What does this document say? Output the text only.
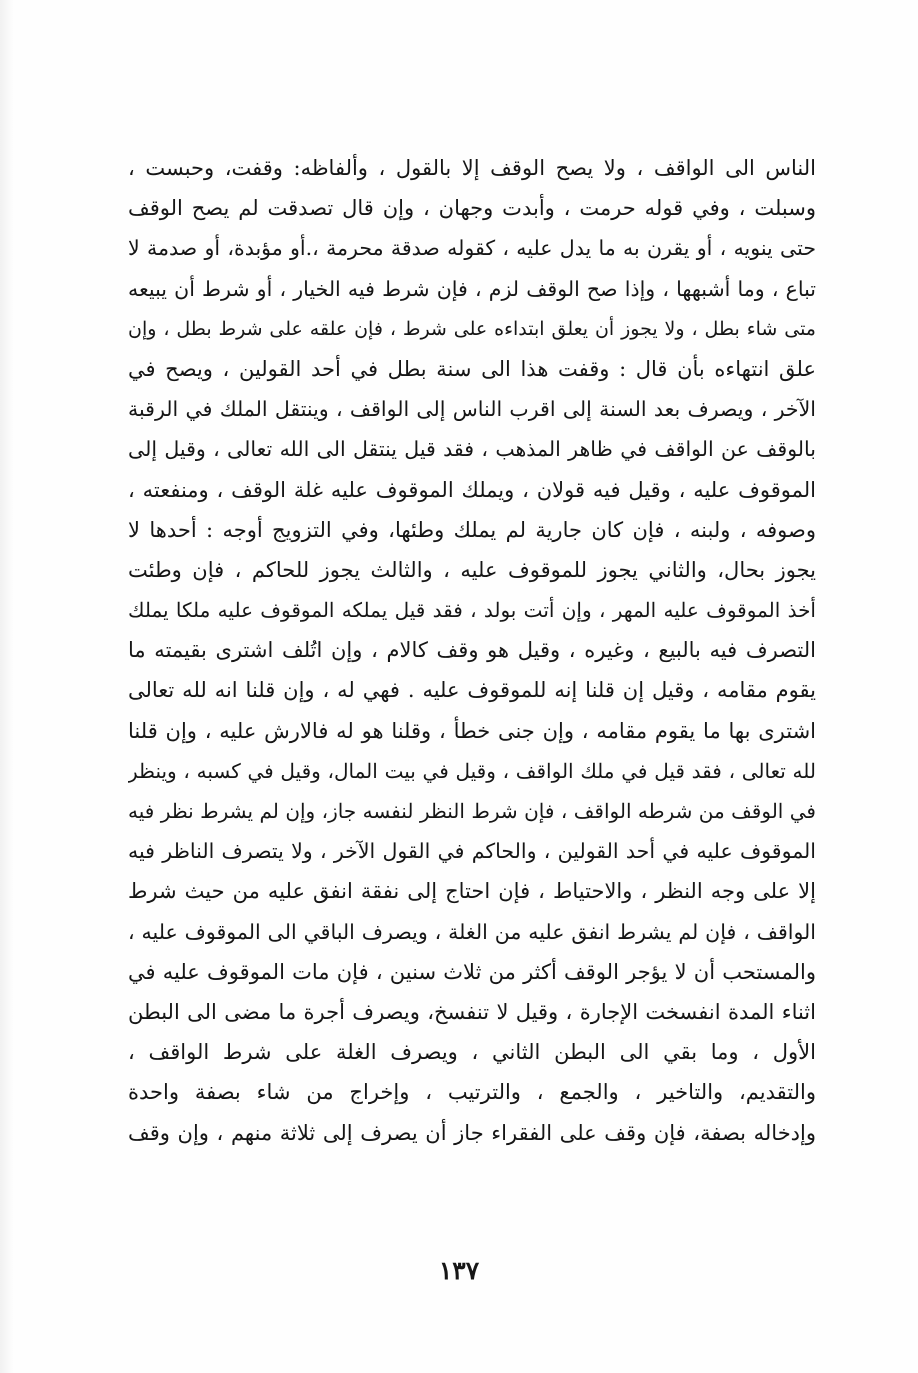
الناس الى الواقف ، ولا يصح الوقف إلا بالقول ، وألفاظه: وقفت، وحبست ،
وسبلت ، وفي قوله حرمت ، وأبدت وجهان ، وإن قال تصدقت لم يصح الوقف
حتى ينويه ، أو يقرن به ما يدل عليه ، كقوله صدقة محرمة ،.أو مؤبدة، أو صدمة لا
تباع ، وما أشبهها ، وإذا صح الوقف لزم ، فإن شرط فيه الخيار ، أو شرط أن يبيعه
متى شاء بطل ، ولا يجوز أن يعلق ابتداءه على شرط ، فإن علقه على شرط بطل ، وإن
علق انتهاءه بأن قال : وقفت هذا الى سنة بطل في أحد القولين ، ويصح في
الآخر ، ويصرف بعد السنة إلى اقرب الناس إلى الواقف ، وينتقل الملك في الرقبة
بالوقف عن الواقف في ظاهر المذهب ، فقد قيل ينتقل الى الله تعالى ، وقيل إلى
الموقوف عليه ، وقيل فيه قولان ، ويملك الموقوف عليه غلة الوقف ، ومنفعته ،
وصوفه ، ولبنه ، فإن كان جارية لم يملك وطئها، وفي التزويج أوجه : أحدها لا
يجوز بحال، والثاني يجوز للموقوف عليه ، والثالث يجوز للحاكم ، فإن وطئت
أخذ الموقوف عليه المهر ، وإن أتت بولد ، فقد قيل يملكه الموقوف عليه ملكا يملك
التصرف فيه بالبيع ، وغيره ، وقيل هو وقف كالام ، وإن اتُلف اشترى بقيمته ما
يقوم مقامه ، وقيل إن قلنا إنه للموقوف عليه . فهي له ، وإن قلنا انه لله تعالى
اشترى بها ما يقوم مقامه ، وإن جنى خطأ ، وقلنا هو له فالارش عليه ، وإن قلنا
لله تعالى ، فقد قيل في ملك الواقف ، وقيل في بيت المال، وقيل في كسبه ، وينظر
في الوقف من شرطه الواقف ، فإن شرط النظر لنفسه جاز، وإن لم يشرط نظر فيه
الموقوف عليه في أحد القولين ، والحاكم في القول الآخر ، ولا يتصرف الناظر فيه
إلا على وجه النظر ، والاحتياط ، فإن احتاج إلى نفقة انفق عليه من حيث شرط
الواقف ، فإن لم يشرط انفق عليه من الغلة ، ويصرف الباقي الى الموقوف عليه ،
والمستحب أن لا يؤجر الوقف أكثر من ثلاث سنين ، فإن مات الموقوف عليه في
اثناء المدة انفسخت الإجارة ، وقيل لا تنفسخ، ويصرف أجرة ما مضى الى البطن
الأول ، وما بقي الى البطن الثاني ، ويصرف الغلة على شرط الواقف ،
والتقديم، والتاخير ، والجمع ، والترتيب ، وإخراج من شاء بصفة واحدة
وإدخاله بصفة، فإن وقف على الفقراء جاز أن يصرف إلى ثلاثة منهم ، وإن وقف
١٣٧
